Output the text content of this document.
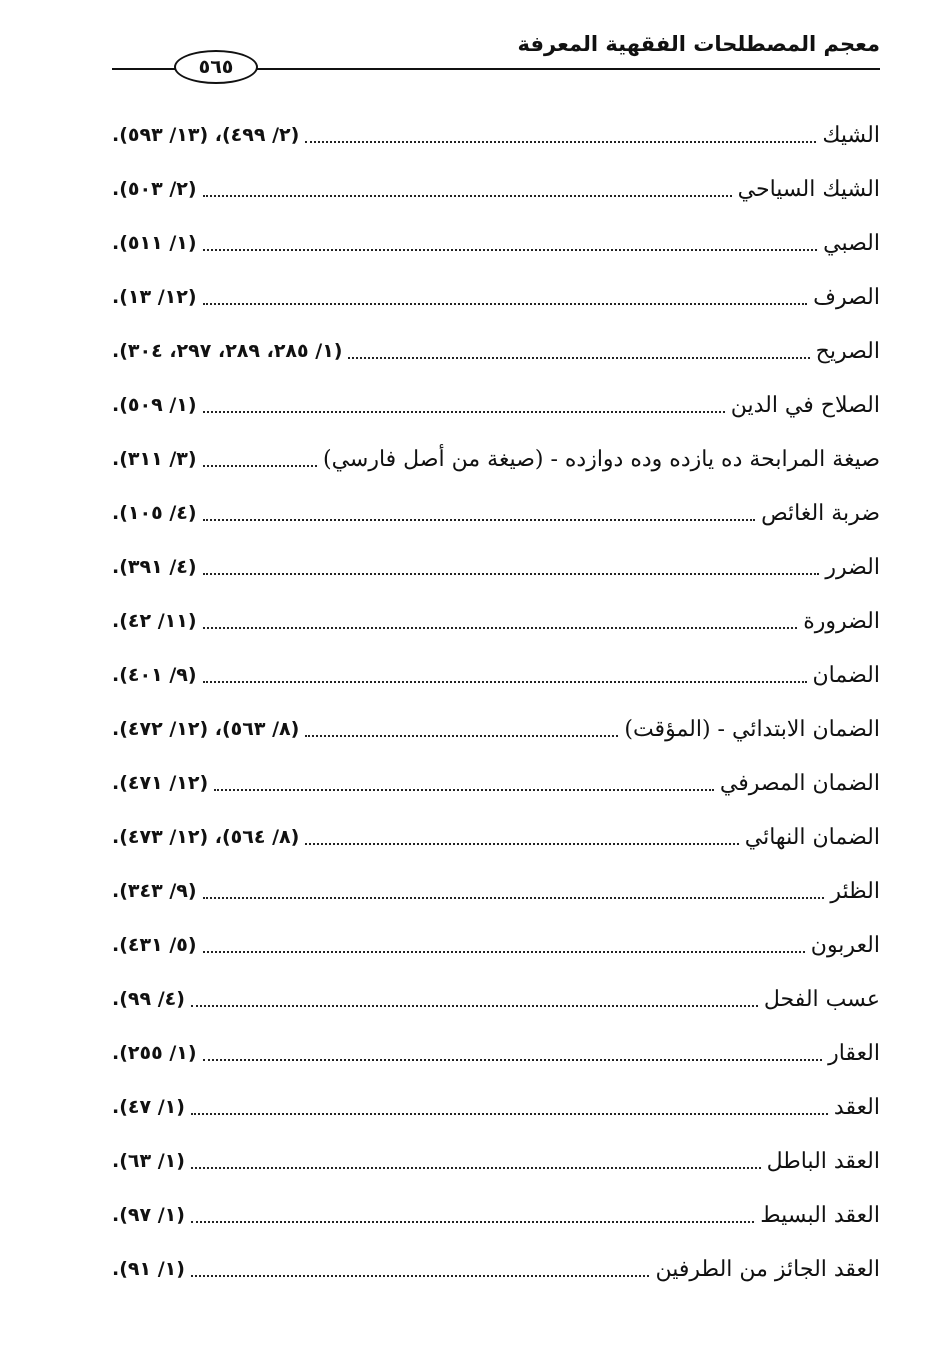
معجم المصطلحات الفقهية المعرفة
٥٦٥
الشيك
(٢/ ٤٩٩)، (١٣/ ٥٩٣).
الشيك السياحي
(٢/ ٥٠٣).
الصبي
(١/ ٥١١).
الصرف
(١٢/ ١٣).
الصريح
(١/ ٢٨٥، ٢٨٩، ٢٩٧، ٣٠٤).
الصلاح في الدين
(١/ ٥٠٩).
صيغة المرابحة ده يازده وده دوازده - (صيغة من أصل فارسي)
(٣/ ٣١١).
ضربة الغائص
(٤/ ١٠٥).
الضرر
(٤/ ٣٩١).
الضرورة
(١١/ ٤٢).
الضمان
(٩/ ٤٠١).
الضمان الابتدائي - (المؤقت)
(٨/ ٥٦٣)، (١٢/ ٤٧٢).
الضمان المصرفي
(١٢/ ٤٧١).
الضمان النهائي
(٨/ ٥٦٤)، (١٢/ ٤٧٣).
الظئر
(٩/ ٣٤٣).
العربون
(٥/ ٤٣١).
عسب الفحل
(٤/ ٩٩).
العقار
(١/ ٢٥٥).
العقد
(١/ ٤٧).
العقد الباطل
(١/ ٦٣).
العقد البسيط
(١/ ٩٧).
العقد الجائز من الطرفين
(١/ ٩١).
